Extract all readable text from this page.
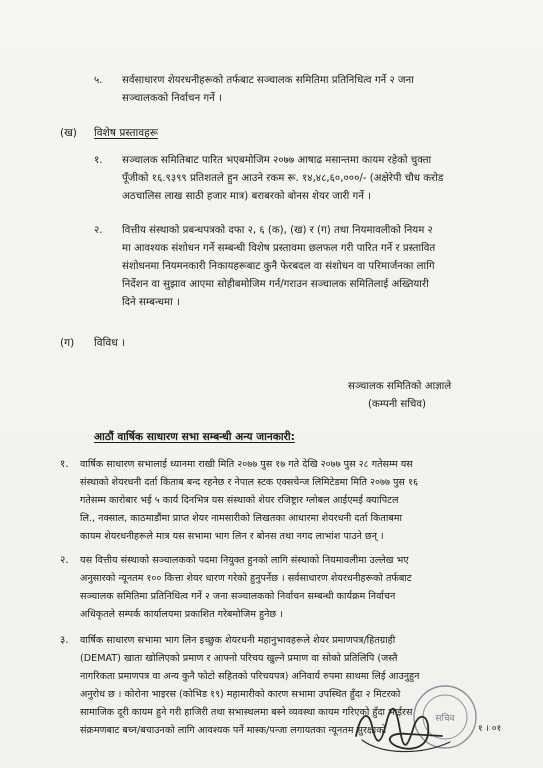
५. सर्वसाधारण शेयरधनीहरूको तर्फबाट सञ्चालक समितिमा प्रतिनिधित्व गर्ने २ जना
सञ्चालकको निर्वाचन गर्ने ।
(ख) विशेष प्रस्तावहरू
१. सञ्चालक समितिबाट पारित भएबमोजिम २०७७ आषाढ मसान्तमा कायम रहेको चुक्ता
पूँजीको १६.९३९९ प्रतिशतले हुन आउने रकम रू. १४,४८,६०,०००/- (अक्षेरेपी चौध करोड
अठचालिस लाख साठी हजार मात्र) बराबरको बोनस शेयर जारी गर्ने ।
२. वित्तीय संस्थाको प्रबन्धपत्रको दफा २, ६ (क), (ख) र (ग) तथा नियमावलीको नियम २
मा आवश्यक संशोधन गर्ने सम्बन्धी विशेष प्रस्तावमा छलफल गरी पारित गर्ने र प्रस्तावित
संशोधनमा नियमनकारी निकायहरूबाट कुनै फेरबदल वा संशोधन वा परिमार्जनका लागि
निर्देशन वा सुझाव आएमा सोहीबमोजिम गर्न/गराउन सञ्चालक समितिलाई अख्तियारी
दिने सम्बन्धमा ।
(ग) विविध ।
सञ्चालक समितिको आज्ञाले
(कम्पनी सचिव)
आठौं वार्षिक साधारण सभा सम्बन्धी अन्य जानकारी:
१. वार्षिक साधारण सभालाई ध्यानमा राखी मिति २०७७ पुस १७ गते देखि २०७७ पुस २८ गतेसम्म यस
संस्थाको शेयरधनी दर्ता किताब बन्द रहनेछ र नेपाल स्टक एक्सचेन्ज लिमिटेडमा मिति २०७७ पुस १६
गतेसम्म कारोबार भई ५ कार्य दिनभित्र यस संस्थाको शेयर रजिष्ट्रार ग्लोबल आईएमई क्यापिटल
लि., नक्साल, काठमाडौंमा प्राप्त शेयर नामसारीको लिखतका आधारमा शेयरधनी दर्ता किताबमा
कायम शेयरधनीहरूले मात्र यस सभामा भाग लिन र बोनस तथा नगद लाभांश पाउने छन् ।
२. यस वित्तीय संस्थाको सञ्चालकको पदमा नियुक्त हुनको लागि संस्थाको नियमावलीमा उल्लेख भए
अनुसारको न्यूनतम १०० कित्ता शेयर धारण गरेको हुनुपर्नेछ । सर्वसाधारण शेयरधनीहरूको तर्फबाट
सञ्चालक समितिमा प्रतिनिधित्व गर्ने २ जना सञ्चालकको निर्वाचन सम्बन्धी कार्यक्रम निर्वाचन
अधिकृतले सम्पर्क कार्यालयमा प्रकाशित गरेबमोजिम हुनेछ ।
३. वार्षिक साधारण सभामा भाग लिन इच्छुक शेयरधनी महानुभावहरूले शेयर प्रमाणपत्र/हितग्राही
(DEMAT) खाता खोलिएको प्रमाण र आफ्नो परिचय खुल्ने प्रमाण वा सोको प्रतिलिपि (जस्तै
नागरिकता प्रमाणपत्र वा अन्य कुनै फोटो सहितको परिचयपत्र) अनिवार्य रुपमा साथमा लिई आउनुहुन
अनुरोध छ । कोरोना भाइरस (कोभिड १९) महामारीको कारण सभामा उपस्थित हुँदा २ मिटरको
सामाजिक दूरी कायम हुने गरी हाजिरी तथा सभास्थलमा बस्ने व्यवस्था कायम गरिएको हुँदा भाईरस
संक्रमणबाट बच्न/बचाउनको लागि आवश्यक पर्ने मास्क/पन्जा लगायतका न्यूनतम सुरक्षाको
सचिव
१ । ०१
